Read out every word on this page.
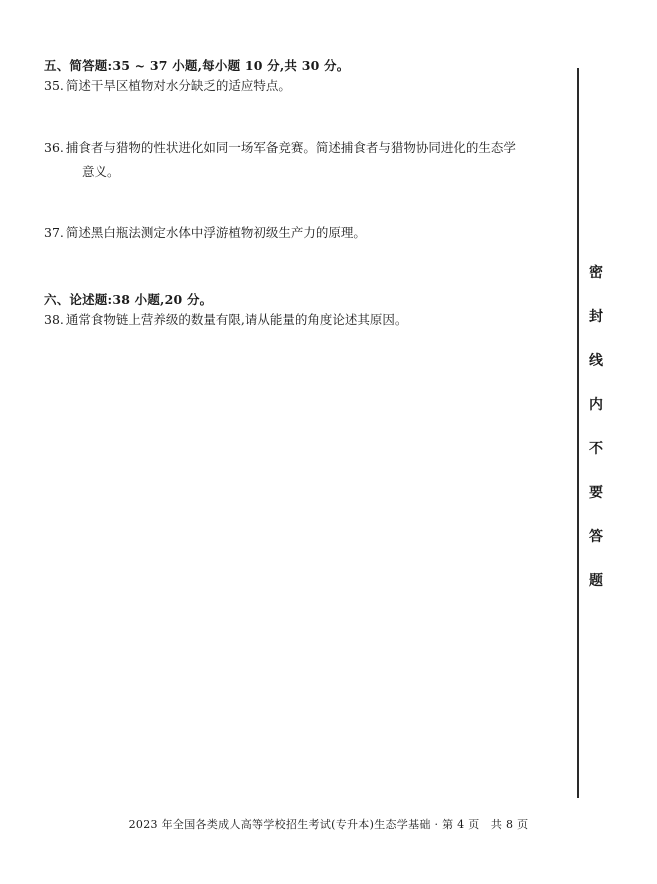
五、简答题:35 ~ 37 小题,每小题 10 分,共 30 分。
35. 简述干旱区植物对水分缺乏的适应特点。
36. 捕食者与猎物的性状进化如同一场军备竞赛。简述捕食者与猎物协同进化的生态学
意义。
37. 简述黑白瓶法测定水体中浮游植物初级生产力的原理。
六、论述题:38 小题,20 分。
38. 通常食物链上营养级的数量有限,请从能量的角度论述其原因。
密
封
线
内
不
要
答
题
2023 年全国各类成人高等学校招生考试(专升本)生态学基础 · 第 4 页　共 8 页
